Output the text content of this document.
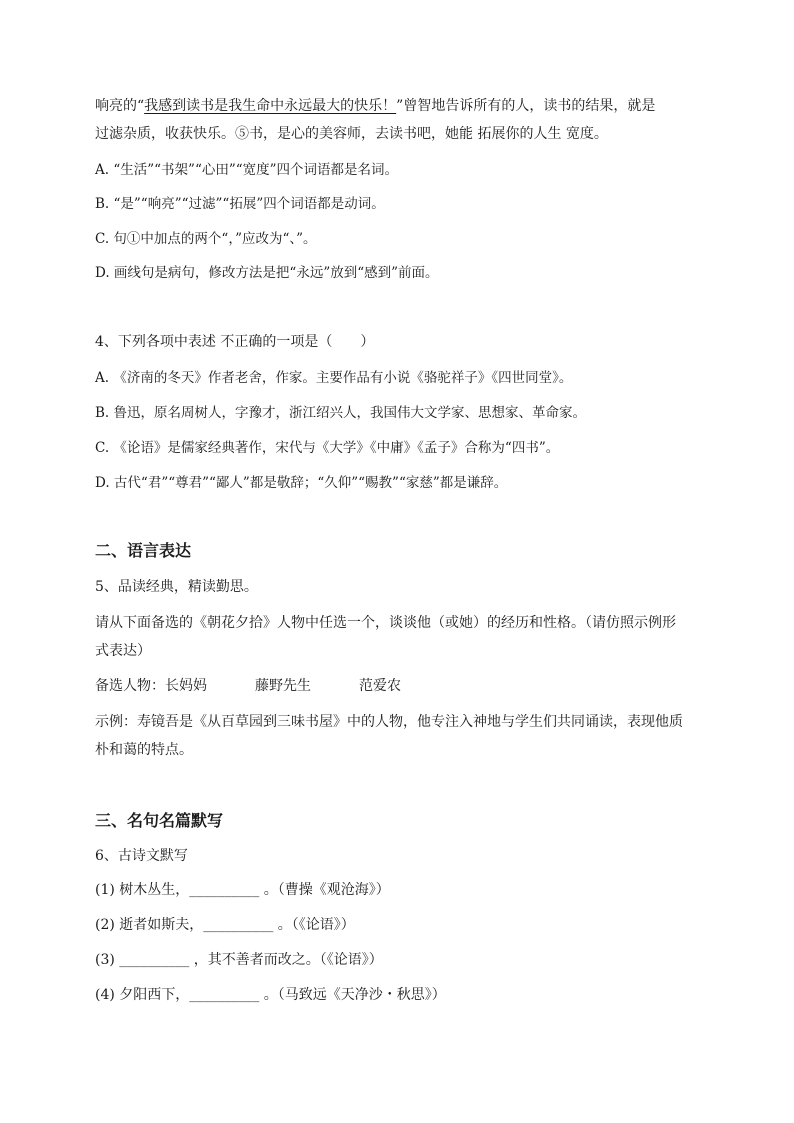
响亮的“我感到读书是我生命中永远最大的快乐！”曾智地告诉所有的人，读书的结果，就是
过滤杂质，收获快乐。⑤书，是心的美容师，去读书吧，她能 拓展你的人生 宽度。
A. “生活”“书架”“心田”“宽度”四个词语都是名词。
B. “是”“响亮”“过滤”“拓展”四个词语都是动词。
C. 句①中加点的两个“，”应改为“、”。
D. 画线句是病句，修改方法是把“永远”放到“感到”前面。
4、下列各项中表述 不正确的一项是（　　）
A. 《济南的冬天》作者老舍，作家。主要作品有小说《骆驼祥子》《四世同堂》。
B. 鲁迅，原名周树人，字豫才，浙江绍兴人，我国伟大文学家、思想家、革命家。
C. 《论语》是儒家经典著作，宋代与《大学》《中庸》《孟子》合称为“四书”。
D. 古代“君”“尊君”“鄙人”都是敬辞；“久仰”“赐教”“家慈”都是谦辞。
二、语言表达
5、品读经典，精读勤思。
请从下面备选的《朝花夕拾》人物中任选一个，谈谈他（或她）的经历和性格。（请仿照示例形
式表达）
备选人物：长妈妈	藤野先生	范爱农
示例：寿镜吾是《从百草园到三味书屋》中的人物，他专注入神地与学生们共同诵读，表现他质
朴和蔼的特点。
三、名句名篇默写
6、古诗文默写
(1) 树木丛生，__________ 。（曹操《观沧海》）
(2) 逝者如斯夫，__________ 。（《论语》）
(3) __________ ，其不善者而改之。（《论语》）
(4) 夕阳西下，__________ 。（马致远《天净沙・秋思》）
